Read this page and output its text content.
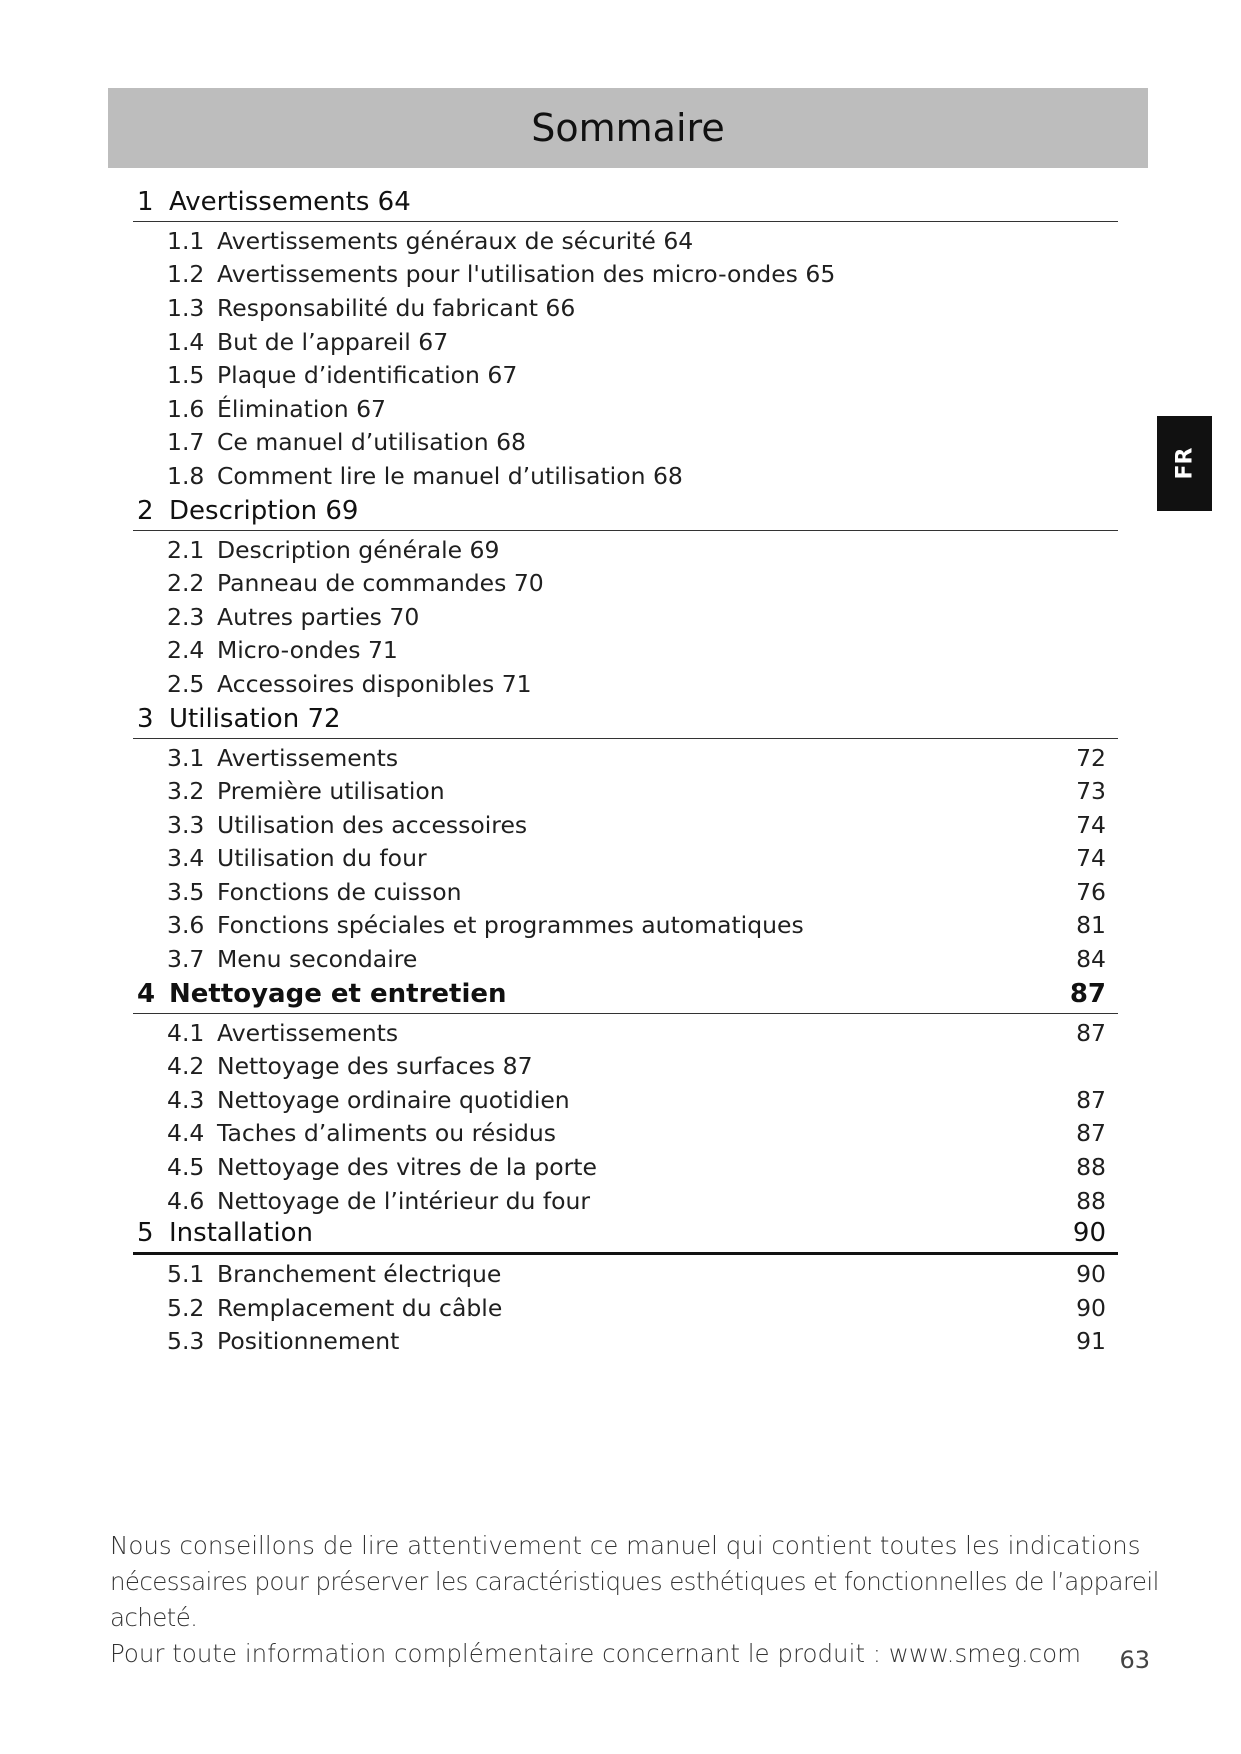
Sommaire
FR
1 Avertissements 64
1.1 Avertissements généraux de sécurité 64
1.2 Avertissements pour l'utilisation des micro-ondes 65
1.3 Responsabilité du fabricant 66
1.4 But de l’appareil 67
1.5 Plaque d’identification 67
1.6 Élimination 67
1.7 Ce manuel d’utilisation 68
1.8 Comment lire le manuel d’utilisation 68
2 Description 69
2.1 Description générale 69
2.2 Panneau de commandes 70
2.3 Autres parties 70
2.4 Micro-ondes 71
2.5 Accessoires disponibles 71
3 Utilisation 72
3.1 Avertissements	72
3.2 Première utilisation	73
3.3 Utilisation des accessoires	74
3.4 Utilisation du four	74
3.5 Fonctions de cuisson	76
3.6 Fonctions spéciales et programmes automatiques	81
3.7 Menu secondaire	84
4 Nettoyage et entretien	87
4.1 Avertissements	87
4.2 Nettoyage des surfaces 87
4.3 Nettoyage ordinaire quotidien	87
4.4 Taches d’aliments ou résidus	87
4.5 Nettoyage des vitres de la porte	88
4.6 Nettoyage de l’intérieur du four	88
5 Installation	90
5.1 Branchement électrique	90
5.2 Remplacement du câble	90
5.3 Positionnement	91

Nous conseillons de lire attentivement ce manuel qui contient toutes les indications

nécessaires pour préserver les caractéristiques esthétiques et fonctionnelles de l’appareil acheté.

Pour toute information complémentaire concernant le produit : www.smeg.com	63
